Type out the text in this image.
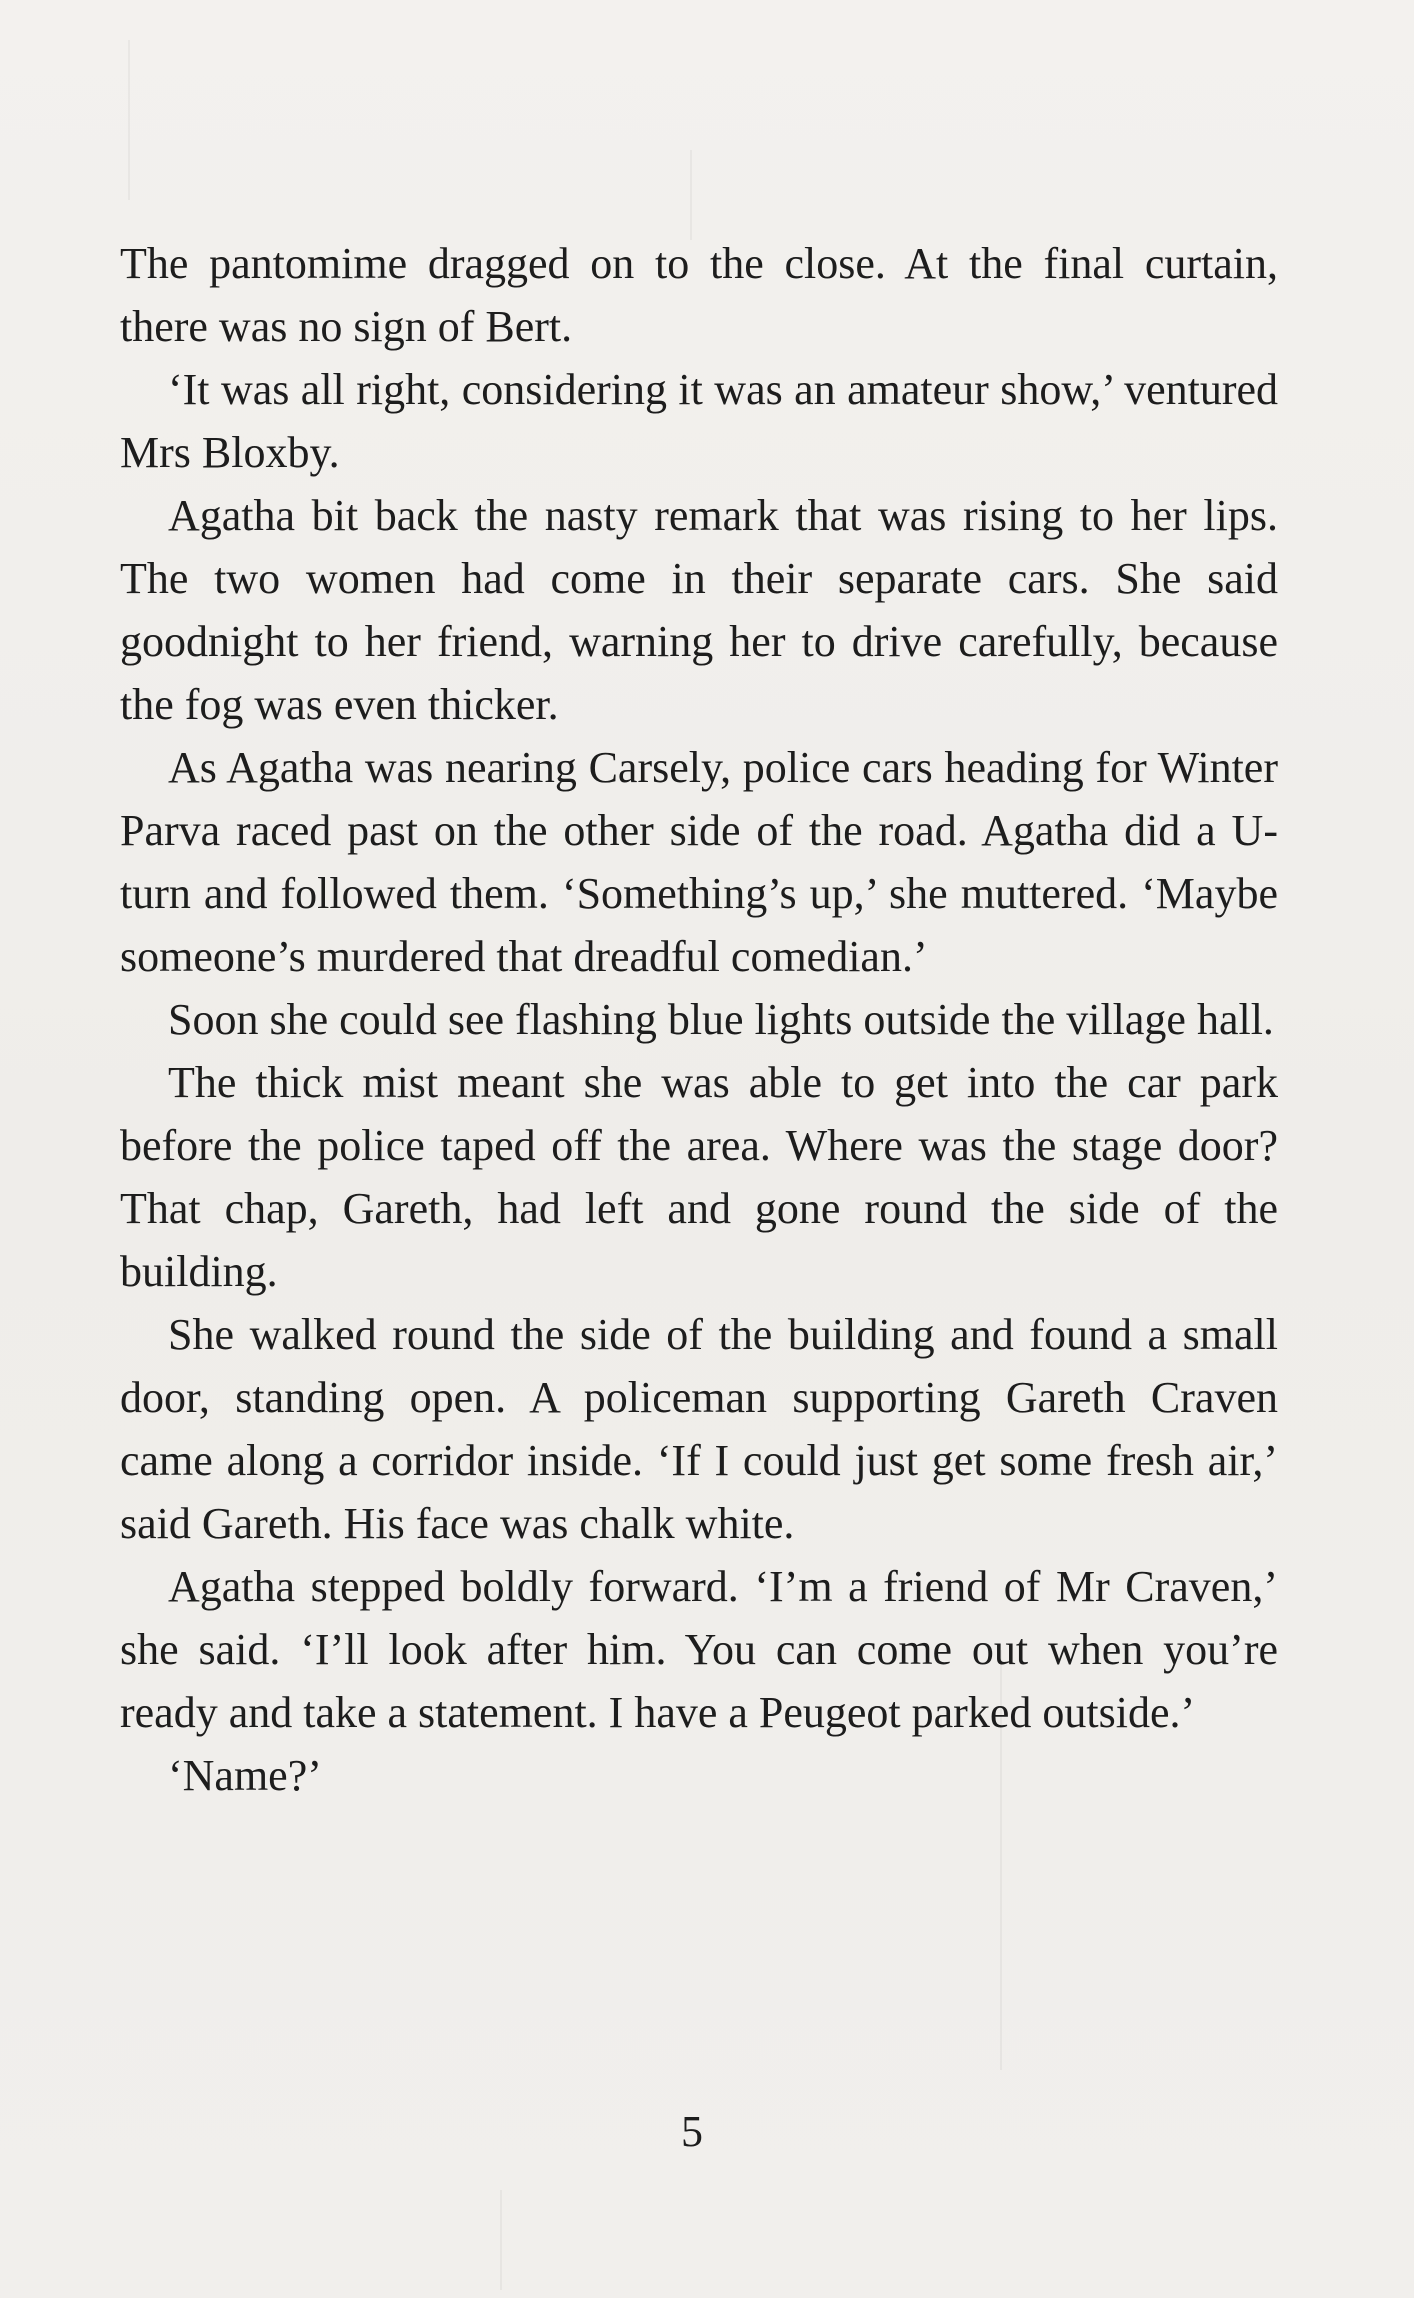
The pantomime dragged on to the close. At the final curtain, there was no sign of Bert.

‘It was all right, considering it was an amateur show,’ ventured Mrs Bloxby.

Agatha bit back the nasty remark that was rising to her lips. The two women had come in their separate cars. She said goodnight to her friend, warning her to drive carefully, because the fog was even thicker.

As Agatha was nearing Carsely, police cars heading for Winter Parva raced past on the other side of the road. Agatha did a U-turn and followed them. ‘Something’s up,’ she muttered. ‘Maybe someone’s murdered that dreadful comedian.’

Soon she could see flashing blue lights outside the village hall.

The thick mist meant she was able to get into the car park before the police taped off the area. Where was the stage door? That chap, Gareth, had left and gone round the side of the building.

She walked round the side of the building and found a small door, standing open. A policeman supporting Gareth Craven came along a corridor inside. ‘If I could just get some fresh air,’ said Gareth. His face was chalk white.

Agatha stepped boldly forward. ‘I’m a friend of Mr Craven,’ she said. ‘I’ll look after him. You can come out when you’re ready and take a statement. I have a Peugeot parked outside.’

‘Name?’

5
